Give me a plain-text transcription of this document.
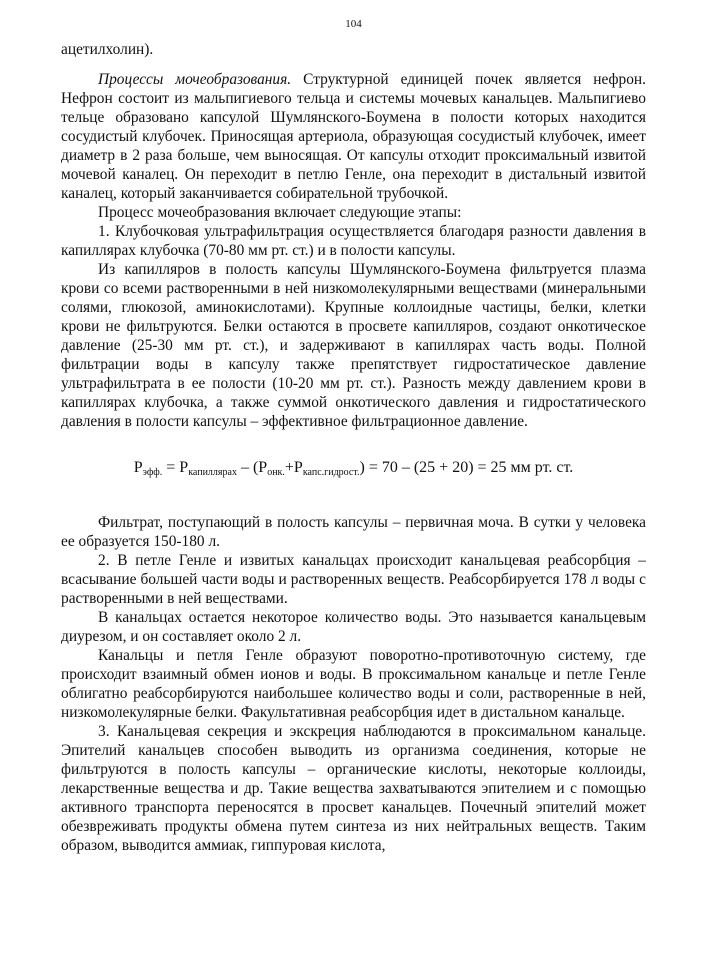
104

ацетилхолин).

Процессы мочеобразования. Структурной единицей почек является нефрон. Нефрон состоит из мальпигиевого тельца и системы мочевых канальцев. Мальпигиево тельце образовано капсулой Шумлянского-Боумена в полости которых находится сосудистый клубочек. Приносящая артериола, образующая сосудистый клубочек, имеет диаметр в 2 раза больше, чем выносящая. От капсулы отходит проксимальный извитой мочевой каналец. Он переходит в петлю Генле, она переходит в дистальный извитой каналец, который заканчивается собирательной трубочкой.

Процесс мочеобразования включает следующие этапы:

1. Клубочковая ультрафильтрация осуществляется благодаря разности давления в капиллярах клубочка (70-80 мм рт. ст.) и в полости капсулы.

Из капилляров в полость капсулы Шумлянского-Боумена фильтруется плазма крови со всеми растворенными в ней низкомолекулярными веществами (минеральными солями, глюкозой, аминокислотами). Крупные коллоидные частицы, белки, клетки крови не фильтруются. Белки остаются в просвете капилляров, создают онкотическое давление (25-30 мм рт. ст.), и задерживают в капиллярах часть воды. Полной фильтрации воды в капсулу также препятствует гидростатическое давление ультрафильтрата в ее полости (10-20 мм рт. ст.). Разность между давлением крови в капиллярах клубочка, а также суммой онкотического давления и гидростатического давления в полости капсулы – эффективное фильтрационное давление.

$P_{эфф.} = P_{капиллярах} - (P_{онк.}+P_{капс.гидрост.}) = 70 - (25 + 20) = 25$ мм рт. ст.

Фильтрат, поступающий в полость капсулы – первичная моча. В сутки у человека ее образуется 150-180 л.

2. В петле Генле и извитых канальцах происходит канальцевая реабсорбция – всасывание большей части воды и растворенных веществ. Реабсорбируется 178 л воды с растворенными в ней веществами.

В канальцах остается некоторое количество воды. Это называется канальцевым диурезом, и он составляет около 2 л.

Канальцы и петля Генле образуют поворотно-противоточную систему, где происходит взаимный обмен ионов и воды. В проксимальном канальце и петле Генле облигатно реабсорбируются наибольшее количество воды и соли, растворенные в ней, низкомолекулярные белки. Факультативная реабсорбция идет в дистальном канальце.

3. Канальцевая секреция и экскреция наблюдаются в проксимальном канальце. Эпителий канальцев способен выводить из организма соединения, которые не фильтруются в полость капсулы – органические кислоты, некоторые коллоиды, лекарственные вещества и др. Такие вещества захватываются эпителием и с помощью активного транспорта переносятся в просвет канальцев. Почечный эпителий может обезвреживать продукты обмена путем синтеза из них нейтральных веществ. Таким образом, выводится аммиак, гиппуровая кислота,
